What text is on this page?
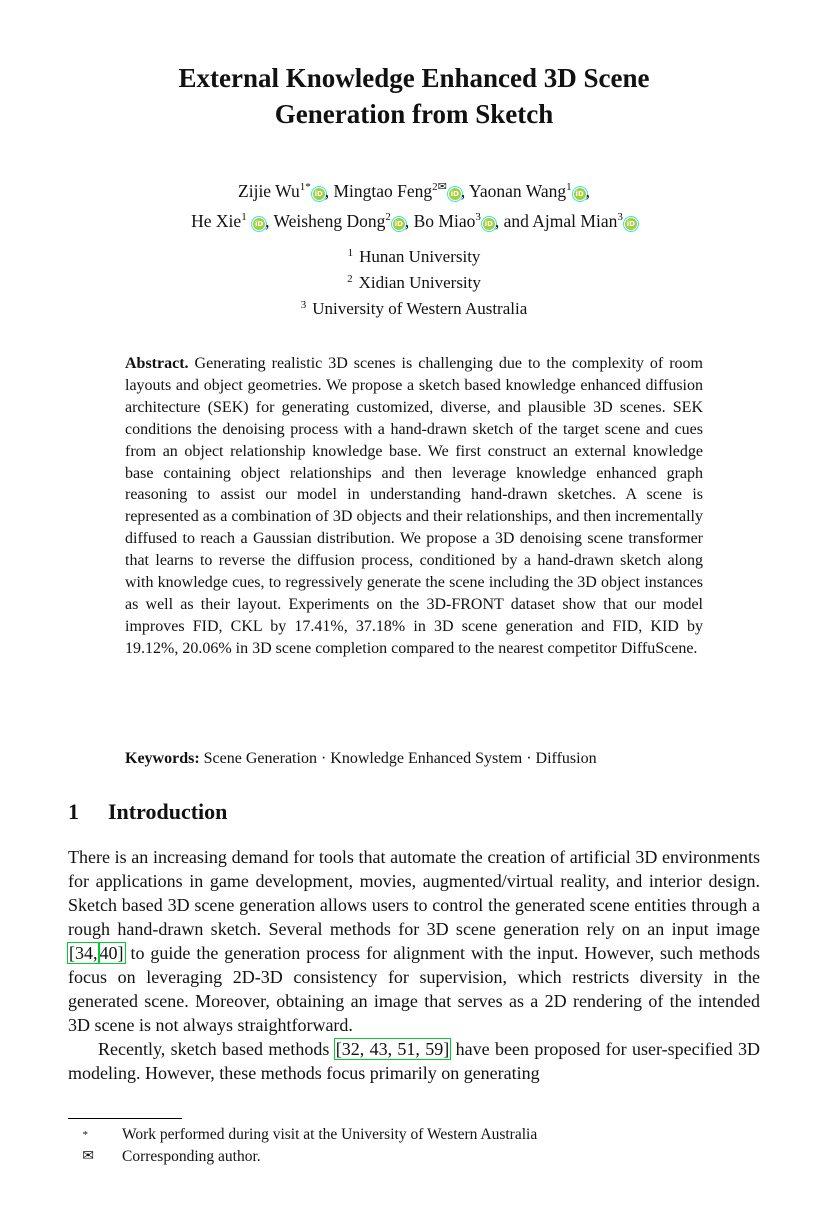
External Knowledge Enhanced 3D Scene
Generation from Sketch
Zijie $Wu^{1*}iD$ , Mingtao Feng$^{2✉}$iD , Yaonan Wang$^1$iD ,
He Xie$^1$ iD , Weisheng Dong$^2$iD , Bo Miao$^3$iD , and Ajmal Mian$^3$iD
$^1$ Hunan University
$^2$ Xidian University
$^3$ University of Western Australia
Abstract. Generating realistic 3D scenes is challenging due to the complexity of room layouts and object geometries. We propose a sketch based knowledge enhanced diffusion architecture (SEK) for generating customized, diverse, and plausible 3D scenes. SEK conditions the denoising process with a hand-drawn sketch of the target scene and cues from an object relationship knowledge base. We first construct an external knowledge base containing object relationships and then leverage knowledge enhanced graph reasoning to assist our model in understanding hand-drawn sketches. A scene is represented as a combination of 3D objects and their relationships, and then incrementally diffused to reach a Gaussian distribution. We propose a 3D denoising scene transformer that learns to reverse the diffusion process, conditioned by a hand-drawn sketch along with knowledge cues, to regressively generate the scene including the 3D object instances as well as their layout. Experiments on the 3D-FRONT dataset show that our model improves FID, CKL by 17.41%, 37.18% in 3D scene generation and FID, KID by 19.12%, 20.06% in 3D scene completion compared to the nearest competitor DiffuScene.
Keywords: Scene Generation · Knowledge Enhanced System · Diffusion
1 Introduction

There is an increasing demand for tools that automate the creation of artificial 3D environments for applications in game development, movies, augmented/virtual reality, and interior design. Sketch based 3D scene generation allows users to control the generated scene entities through a rough hand-drawn sketch. Several methods for 3D scene generation rely on an input image [34, 40] to guide the generation process for alignment with the input. However, such methods focus on leveraging 2D-3D consistency for supervision, which restricts diversity in the generated scene. Moreover, obtaining an image that serves as a 2D rendering of the intended 3D scene is not always straightforward.

Recently, sketch based methods [32, 43, 51, 59] have been proposed for user-specified 3D modeling. However, these methods focus primarily on generating

*	Work performed during visit at the University of Western Australia
✉	Corresponding author.
